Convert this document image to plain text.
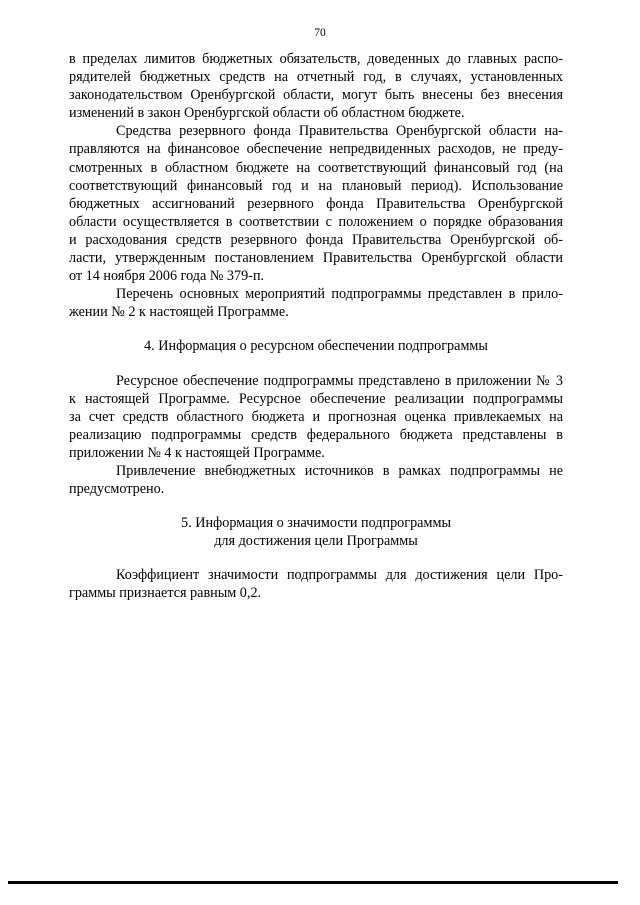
70

в пределах лимитов бюджетных обязательств, доведенных до главных распо-
рядителей бюджетных средств на отчетный год, в случаях, установленных
законодательством Оренбургской области, могут быть внесены без внесения
изменений в закон Оренбургской области об областном бюджете.

Средства резервного фонда Правительства Оренбургской области на-
правляются на финансовое обеспечение непредвиденных расходов, не преду-
смотренных в областном бюджете на соответствующий финансовый год (на
соответствующий финансовый год и на плановый период). Использование
бюджетных ассигнований резервного фонда Правительства Оренбургской
области осуществляется в соответствии с положением о порядке образования
и расходования средств резервного фонда Правительства Оренбургской об-
ласти, утвержденным постановлением Правительства Оренбургской области
от 14 ноября 2006 года № 379-п.

Перечень основных мероприятий подпрограммы представлен в прило-
жении № 2 к настоящей Программе.

4. Информация о ресурсном обеспечении подпрограммы

Ресурсное обеспечение подпрограммы представлено в приложении № 3
к настоящей Программе. Ресурсное обеспечение реализации подпрограммы
за счет средств областного бюджета и прогнозная оценка привлекаемых на
реализацию подпрограммы средств федерального бюджета представлены в
приложении № 4 к настоящей Программе.

Привлечение внебюджетных источников в рамках подпрограммы не
предусмотрено.

5. Информация о значимости подпрограммы
для достижения цели Программы

Коэффициент значимости подпрограммы для достижения цели Про-
граммы признается равным 0,2.
